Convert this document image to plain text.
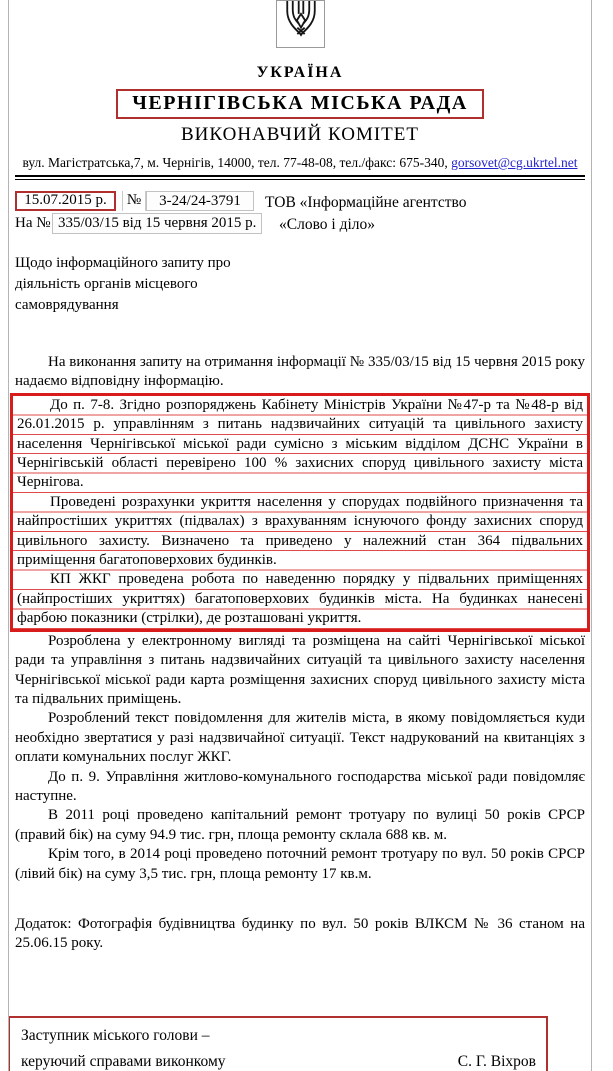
УКРАЇНА
ЧЕРНІГІВСЬКА МІСЬКА РАДА
ВИКОНАВЧИЙ КОМІТЕТ
вул. Магістратська,7, м. Чернігів, 14000, тел. 77-48-08, тел./факс: 675-340, gorsovet@cg.ukrtel.net
15.07.2015 р.	№	3-24/24-3791
На № 335/03/15 від 15 червня 2015 р.
ТОВ «Інформаційне агентство
«Слово і діло»
Щодо інформаційного запиту про
діяльність органів місцевого
самоврядування

На виконання запиту на отримання інформації № 335/03/15 від 15 червня 2015 року надаємо відповідну інформацію.

До п. 7-8. Згідно розпоряджень Кабінету Міністрів України №47-р та №48-р від 26.01.2015 р. управлінням з питань надзвичайних ситуацій та цивільного захисту населення Чернігівської міської ради сумісно з міським відділом ДСНС України в Чернігівській області перевірено 100 % захисних споруд цивільного захисту міста Чернігова.

Проведені розрахунки укриття населення у спорудах подвійного призначення та найпростіших укриттях (підвалах) з врахуванням існуючого фонду захисних споруд цивільного захисту. Визначено та приведено у належний стан 364 підвальних приміщення багатоповерхових будинків.

КП ЖКГ проведена робота по наведенню порядку у підвальних приміщеннях (найпростіших укриттях) багатоповерхових будинків міста. На будинках нанесені фарбою показники (стрілки), де розташовані укриття.

Розроблена у електронному вигляді та розміщена на сайті Чернігівської міської ради та управління з питань надзвичайних ситуацій та цивільного захисту населення Чернігівської міської ради карта розміщення захисних споруд цивільного захисту міста та підвальних приміщень.

Розроблений текст повідомлення для жителів міста, в якому повідомляється куди необхідно звертатися у разі надзвичайної ситуації. Текст надрукований на квитанціях з оплати комунальних послуг ЖКГ.

До п. 9. Управління житлово-комунального господарства міської ради повідомляє наступне.

В 2011 році проведено капітальний ремонт тротуару по вулиці 50 років СРСР (правий бік) на суму 94.9 тис. грн, площа ремонту склала 688 кв. м.

Крім того, в 2014 році проведено поточний ремонт тротуару по вул. 50 років СРСР (лівий бік) на суму 3,5 тис. грн, площа ремонту 17 кв.м.

Додаток: Фотографія будівництва будинку по вул. 50 років ВЛКСМ № 36 станом на 25.06.15 року.

Заступник міського голови –
керуючий справами виконкому	С. Г. Віхров
